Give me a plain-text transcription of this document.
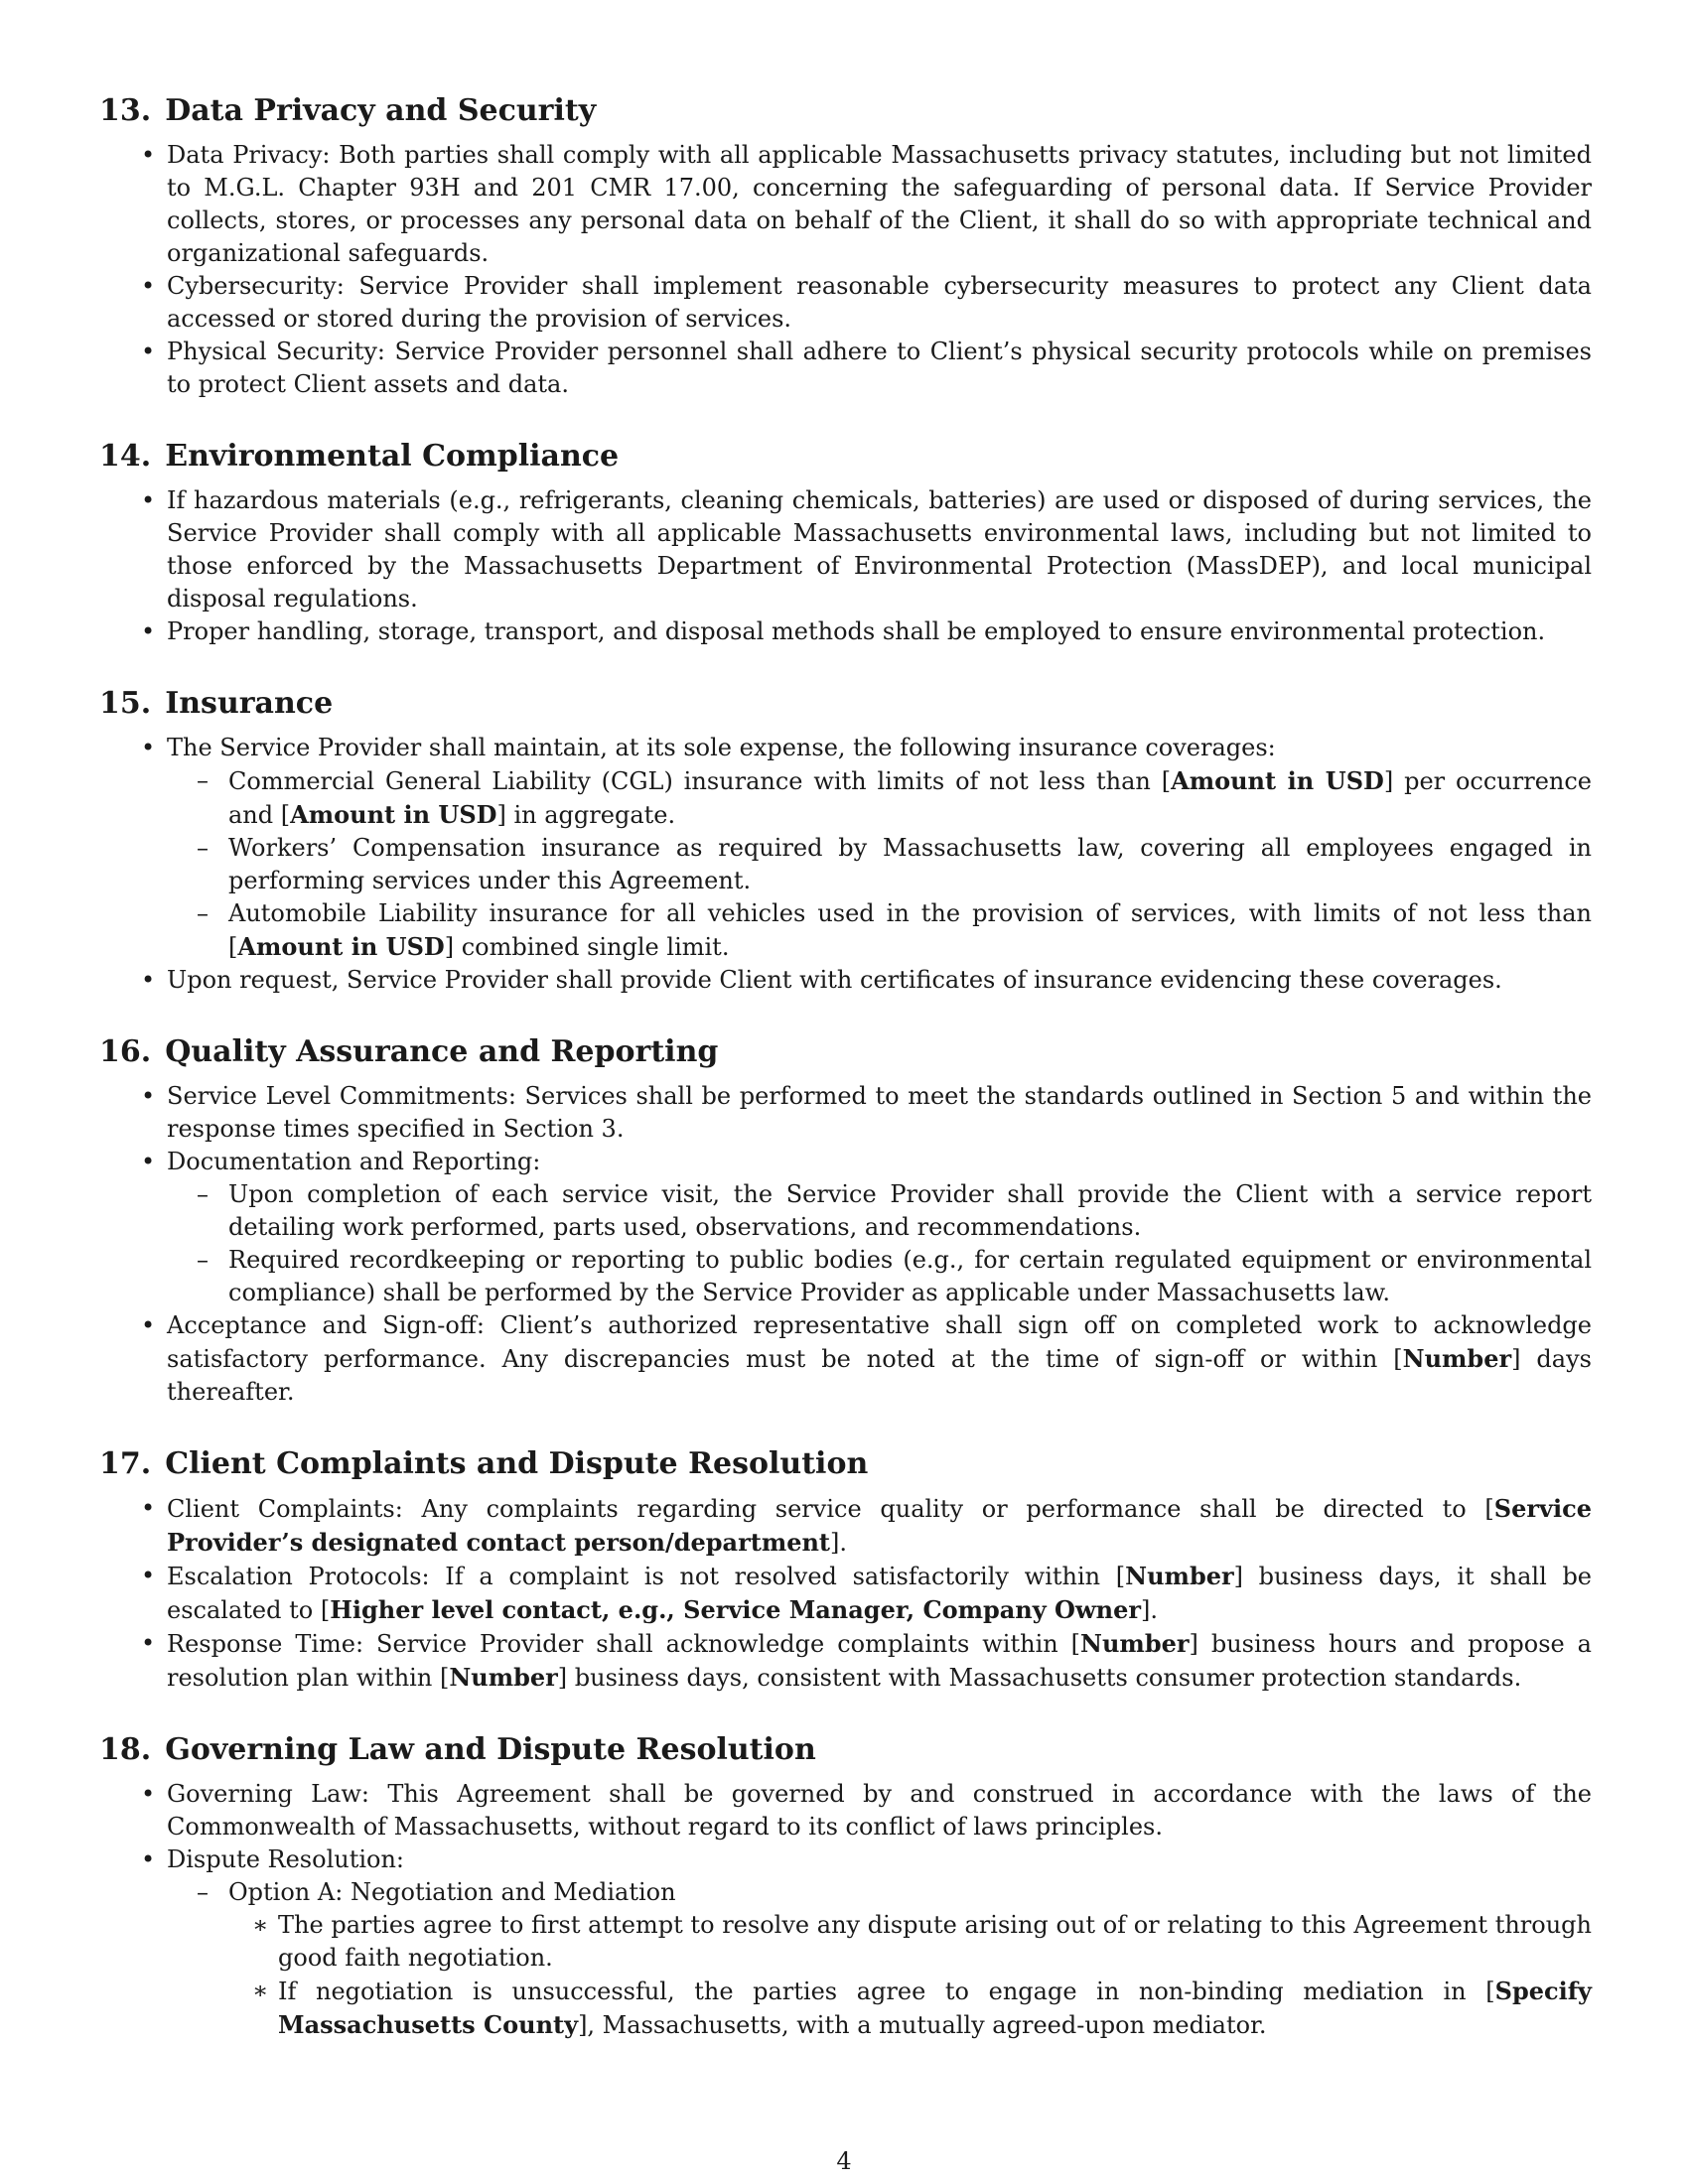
13. Data Privacy and Security
• Data Privacy: Both parties shall comply with all applicable Massachusetts privacy statutes, including but not limited to M.G.L. Chapter 93H and 201 CMR 17.00, concerning the safeguarding of personal data. If Service Provider collects, stores, or processes any personal data on behalf of the Client, it shall do so with appropriate technical and organizational safeguards.
• Cybersecurity: Service Provider shall implement reasonable cybersecurity measures to protect any Client data accessed or stored during the provision of services.
• Physical Security: Service Provider personnel shall adhere to Client’s physical security protocols while on premises to protect Client assets and data.
14. Environmental Compliance
• If hazardous materials (e.g., refrigerants, cleaning chemicals, batteries) are used or disposed of during services, the Service Provider shall comply with all applicable Massachusetts environmental laws, including but not limited to those enforced by the Massachusetts Department of Environmental Protection (MassDEP), and local municipal disposal regulations.
• Proper handling, storage, transport, and disposal methods shall be employed to ensure environmental protection.
15. Insurance
• The Service Provider shall maintain, at its sole expense, the following insurance coverages:
– Commercial General Liability (CGL) insurance with limits of not less than [Amount in USD] per occurrence and [Amount in USD] in aggregate.
– Workers’ Compensation insurance as required by Massachusetts law, covering all employees engaged in performing services under this Agreement.
– Automobile Liability insurance for all vehicles used in the provision of services, with limits of not less than [Amount in USD] combined single limit.
• Upon request, Service Provider shall provide Client with certificates of insurance evidencing these coverages.
16. Quality Assurance and Reporting
• Service Level Commitments: Services shall be performed to meet the standards outlined in Section 5 and within the response times specified in Section 3.
• Documentation and Reporting:
– Upon completion of each service visit, the Service Provider shall provide the Client with a service report detailing work performed, parts used, observations, and recommendations.
– Required recordkeeping or reporting to public bodies (e.g., for certain regulated equipment or environmental compliance) shall be performed by the Service Provider as applicable under Massachusetts law.
• Acceptance and Sign-off: Client’s authorized representative shall sign off on completed work to acknowledge satisfactory performance. Any discrepancies must be noted at the time of sign-off or within [Number] days thereafter.
17. Client Complaints and Dispute Resolution
• Client Complaints: Any complaints regarding service quality or performance shall be directed to [Service Provider’s designated contact person/department].
• Escalation Protocols: If a complaint is not resolved satisfactorily within [Number] business days, it shall be escalated to [Higher level contact, e.g., Service Manager, Company Owner].
• Response Time: Service Provider shall acknowledge complaints within [Number] business hours and propose a resolution plan within [Number] business days, consistent with Massachusetts consumer protection standards.
18. Governing Law and Dispute Resolution
• Governing Law: This Agreement shall be governed by and construed in accordance with the laws of the Commonwealth of Massachusetts, without regard to its conflict of laws principles.
• Dispute Resolution:
– Option A: Negotiation and Mediation
∗ The parties agree to first attempt to resolve any dispute arising out of or relating to this Agreement through good faith negotiation.
∗ If negotiation is unsuccessful, the parties agree to engage in non-binding mediation in [Specify Massachusetts County], Massachusetts, with a mutually agreed-upon mediator.
4
